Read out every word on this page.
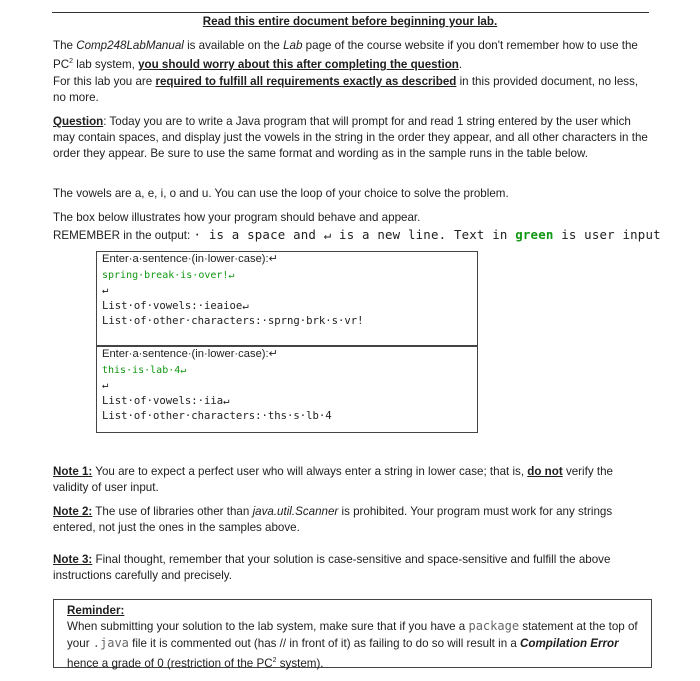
Read this entire document before beginning your lab.

The Comp248LabManual is available on the Lab page of the course website if you don't remember how to use the $PC^2$ lab system, you should worry about this after completing the question.

For this lab you are required to fulfill all requirements exactly as described in this provided document, no less, no more.

Question: Today you are to write a Java program that will prompt for and read 1 string entered by the user which may contain spaces, and display just the vowels in the string in the order they appear, and all other characters in the order they appear. Be sure to use the same format and wording as in the sample runs in the table below.

The vowels are a, e, i, o and u. You can use the loop of your choice to solve the problem.

The box below illustrates how your program should behave and appear.

REMEMBER in the output: · is a space and ↵ is a new line. Text in green is user input
Enter·a·sentence·(in·lower·case):↵
spring·break·is·over!↵
↵
List·of·vowels:·ieaioe↵
List·of·other·characters:·sprng·brk·s·vr!
Enter·a·sentence·(in·lower·case):↵
this·is·lab·4↵
↵
List·of·vowels:·iia↵
List·of·other·characters:·ths·s·lb·4

Note 1: You are to expect a perfect user who will always enter a string in lower case; that is, do not verify the validity of user input.

Note 2: The use of libraries other than java.util.Scanner is prohibited. Your program must work for any strings entered, not just the ones in the samples above.

Note 3: Final thought, remember that your solution is case-sensitive and space-sensitive and fulfill the above instructions carefully and precisely.

Reminder:

When submitting your solution to the lab system, make sure that if you have a package statement at the top of your .java file it is commented out (has // in front of it) as failing to do so will result in a Compilation Error hence a grade of 0 (restriction of the $PC^2$ system).
